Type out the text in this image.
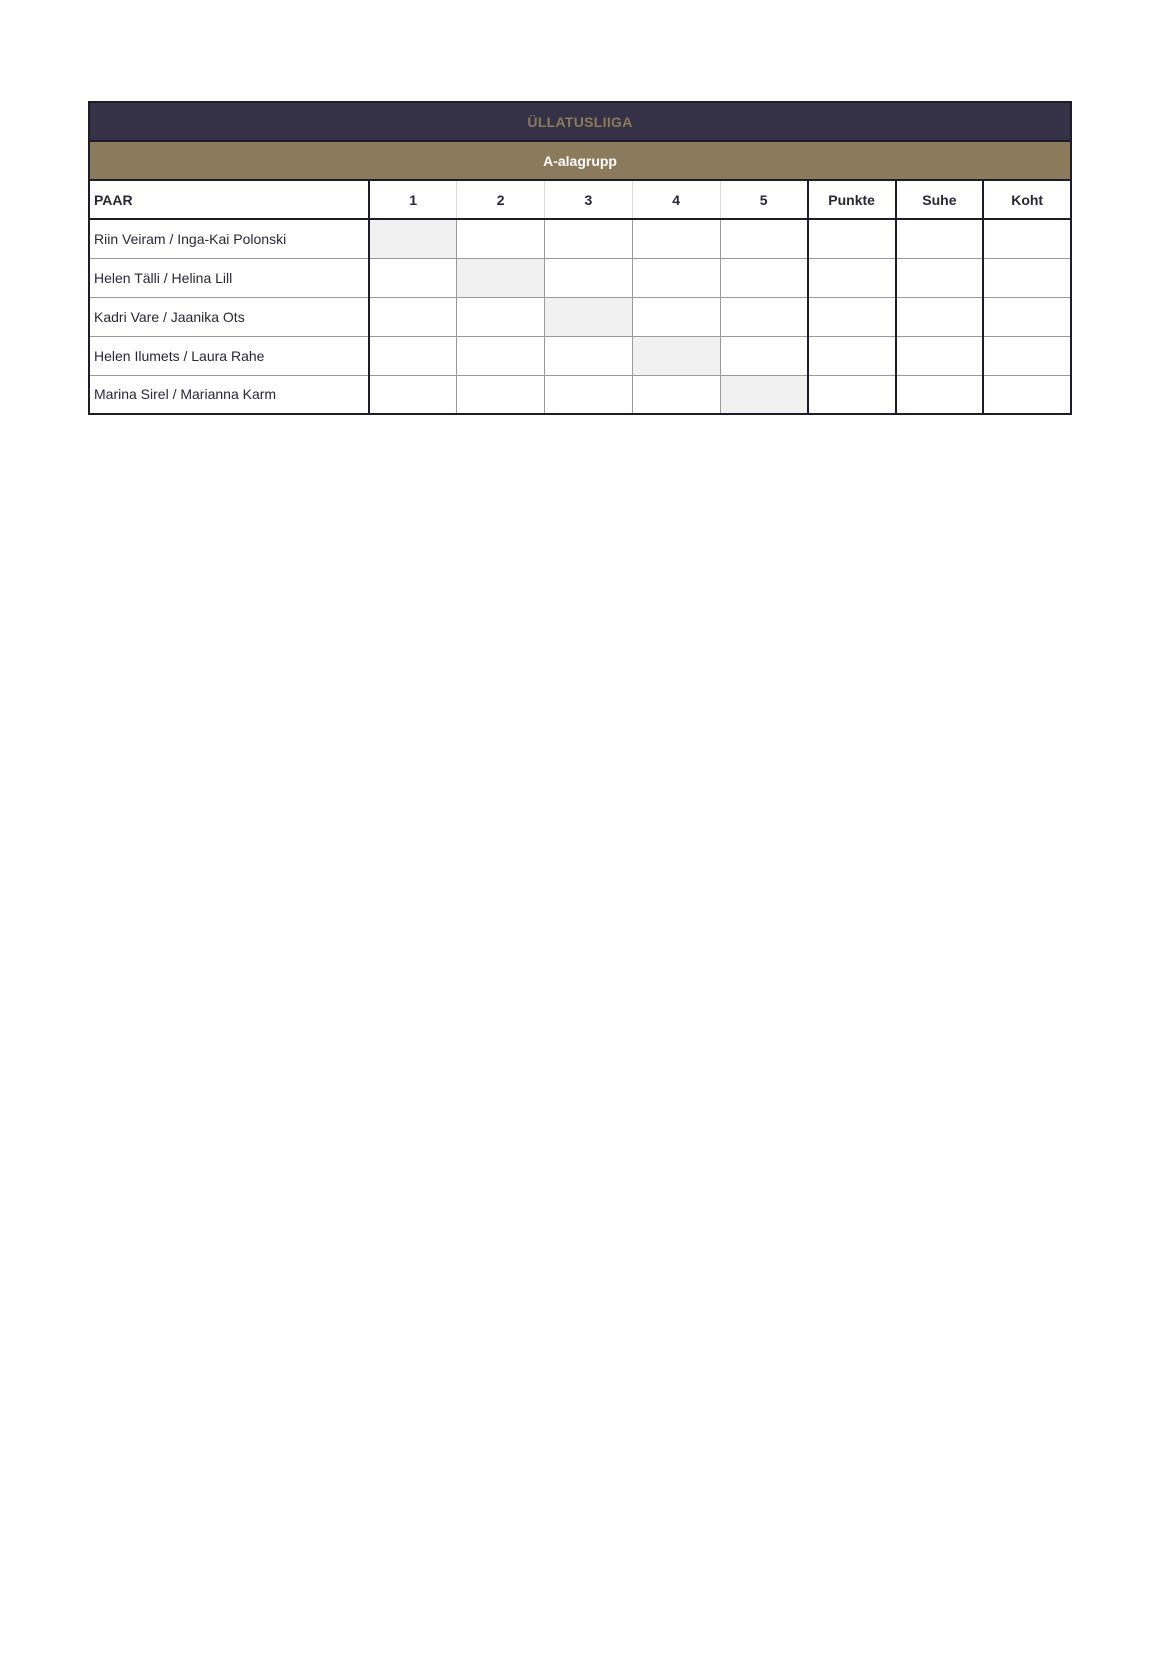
ÜLLATUSLIIGA								
A-alagrupp								
PAAR	1	2	3	4	5	Punkte	Suhe	Koht
Riin Veiram / Inga-Kai Polonski								
Helen Tälli / Helina Lill								
Kadri Vare / Jaanika Ots								
Helen Ilumets / Laura Rahe								
Marina Sirel / Marianna Karm								
